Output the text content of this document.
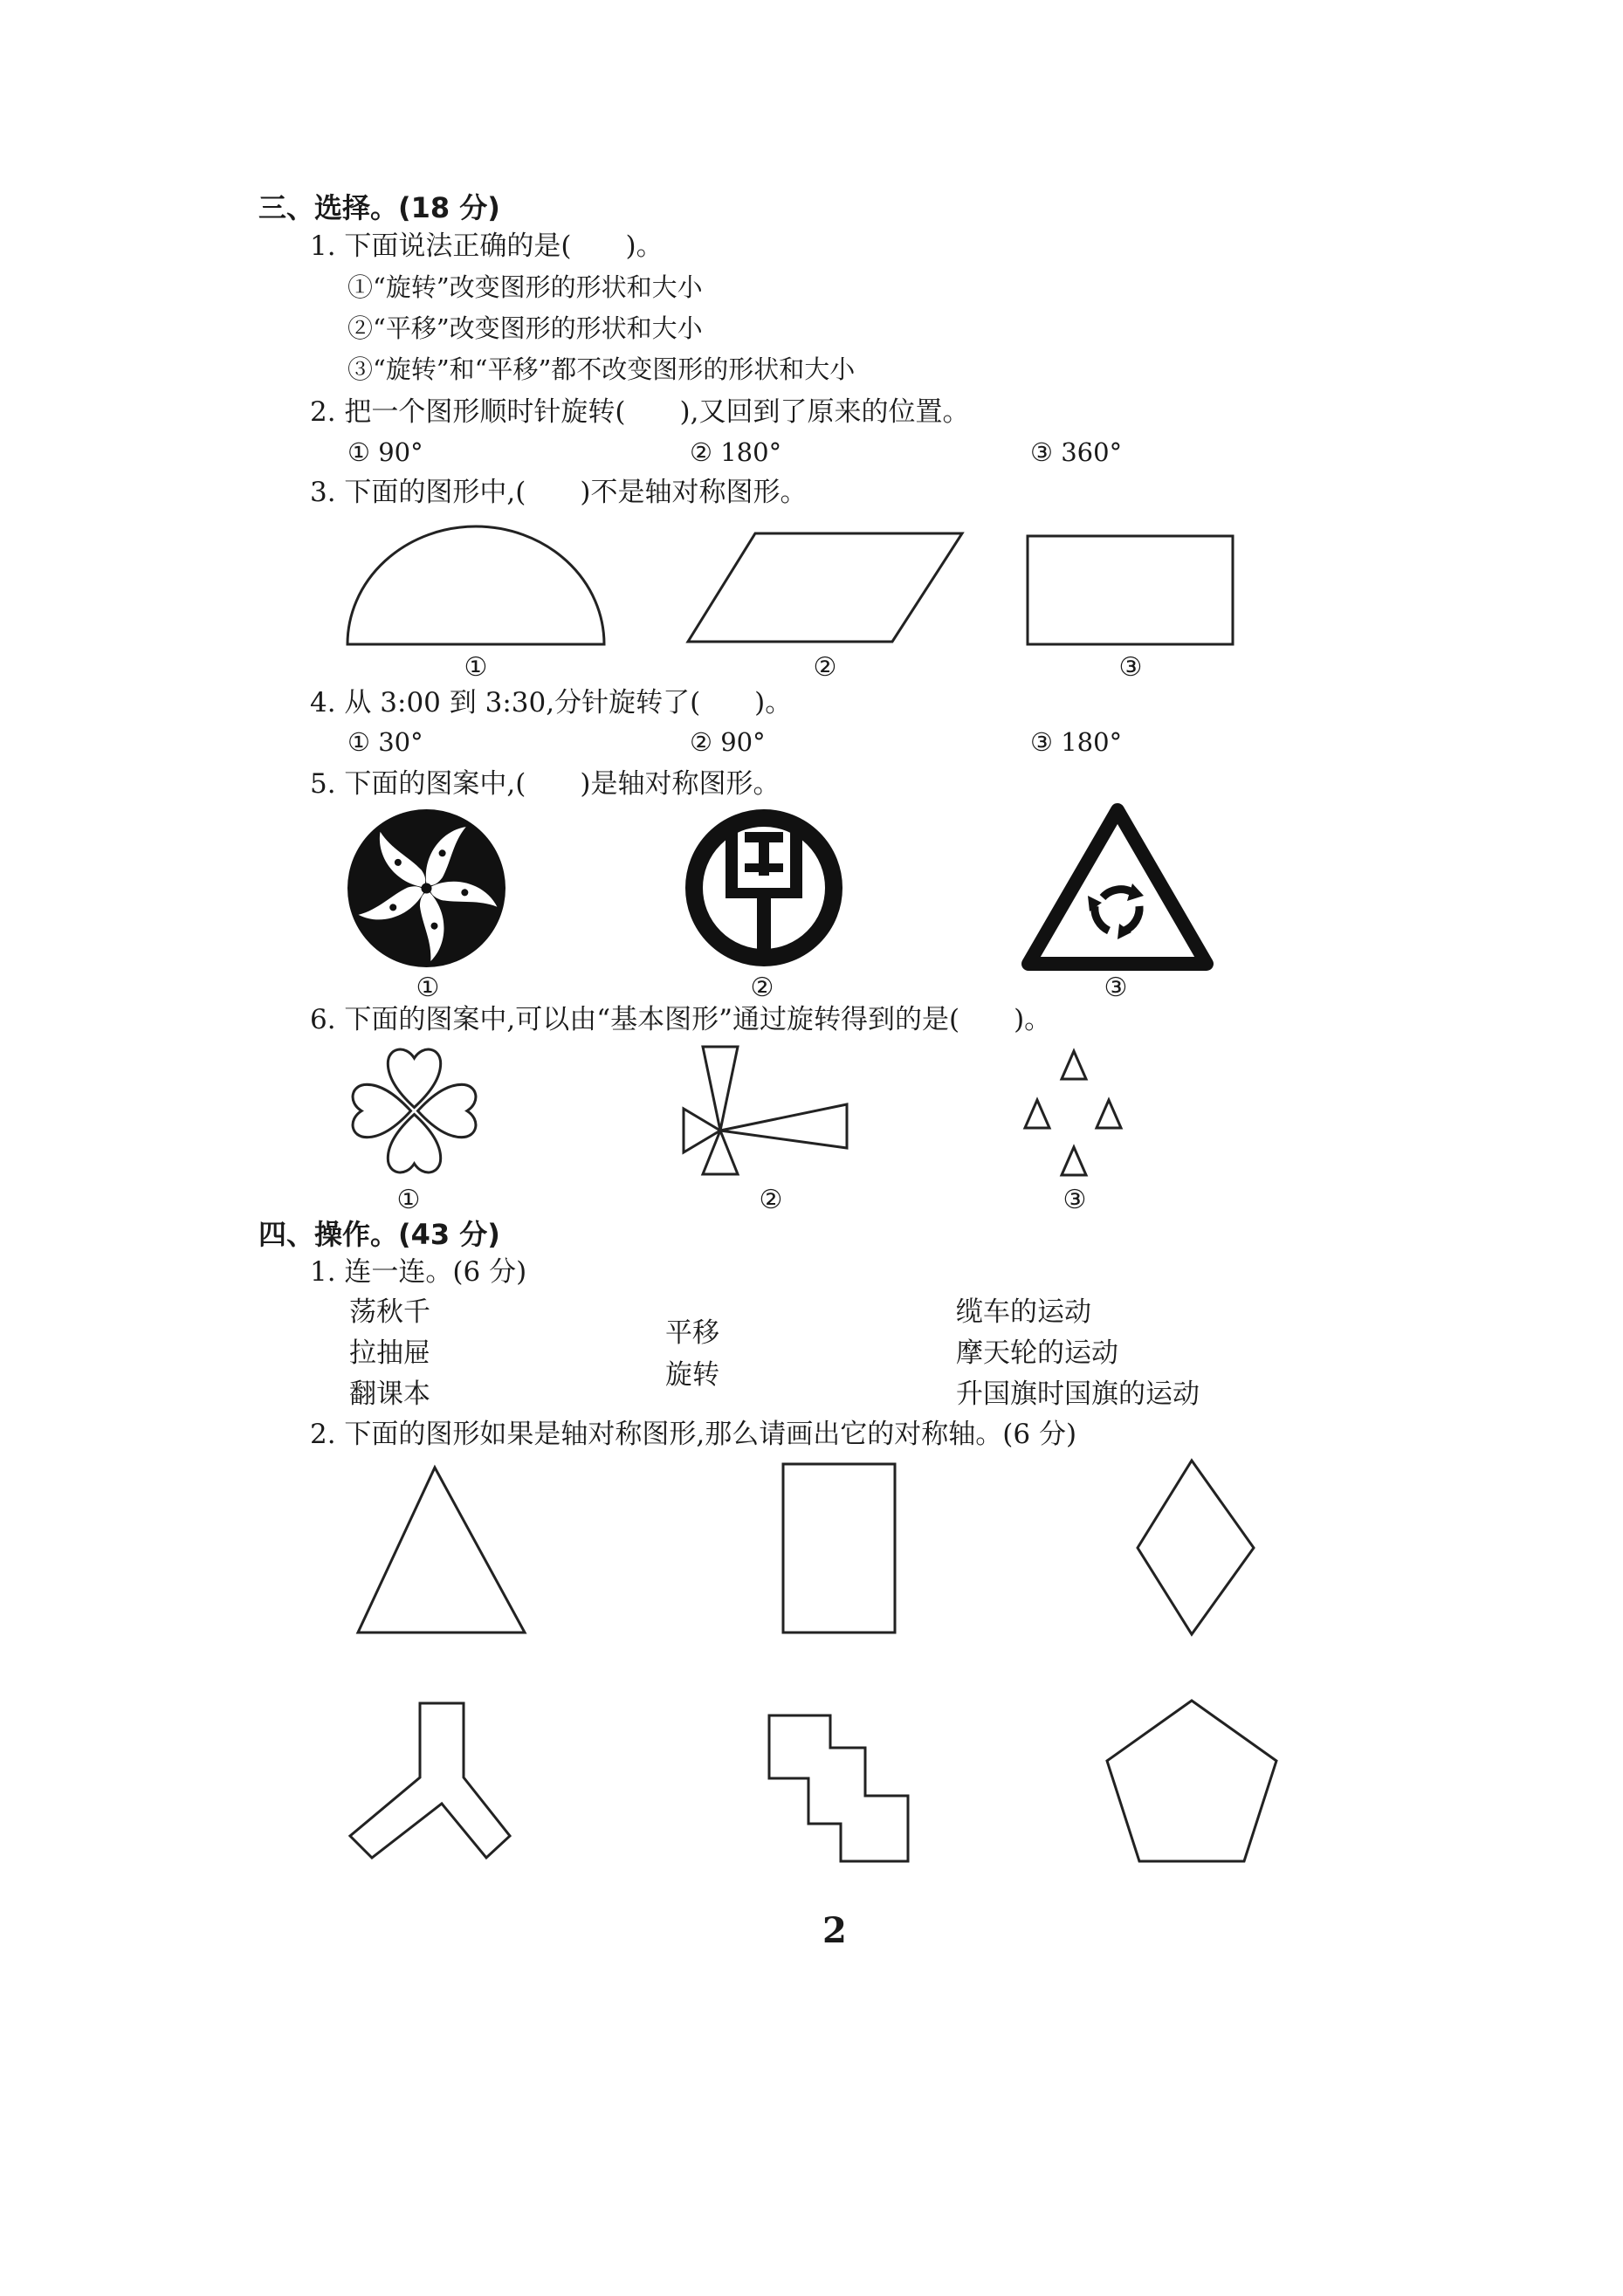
三、选择。(18 分)
1. 下面说法正确的是(　　)。
①“旋转”改变图形的形状和大小
②“平移”改变图形的形状和大小
③“旋转”和“平移”都不改变图形的形状和大小
2. 把一个图形顺时针旋转(　　),又回到了原来的位置。
① 90°	② 180°	③ 360°
3. 下面的图形中,(　　)不是轴对称图形。
①	②	③
4. 从 3:00 到 3:30,分针旋转了(　　)。
① 30°	② 90°	③ 180°
5. 下面的图案中,(　　)是轴对称图形。
①	②	③
6. 下面的图案中,可以由“基本图形”通过旋转得到的是(　　)。
①	②	③
四、操作。(43 分)
1. 连一连。(6 分)
荡秋千
拉抽屉
翻课本
平移
旋转
缆车的运动
摩天轮的运动
升国旗时国旗的运动
2. 下面的图形如果是轴对称图形,那么请画出它的对称轴。(6 分)
2
